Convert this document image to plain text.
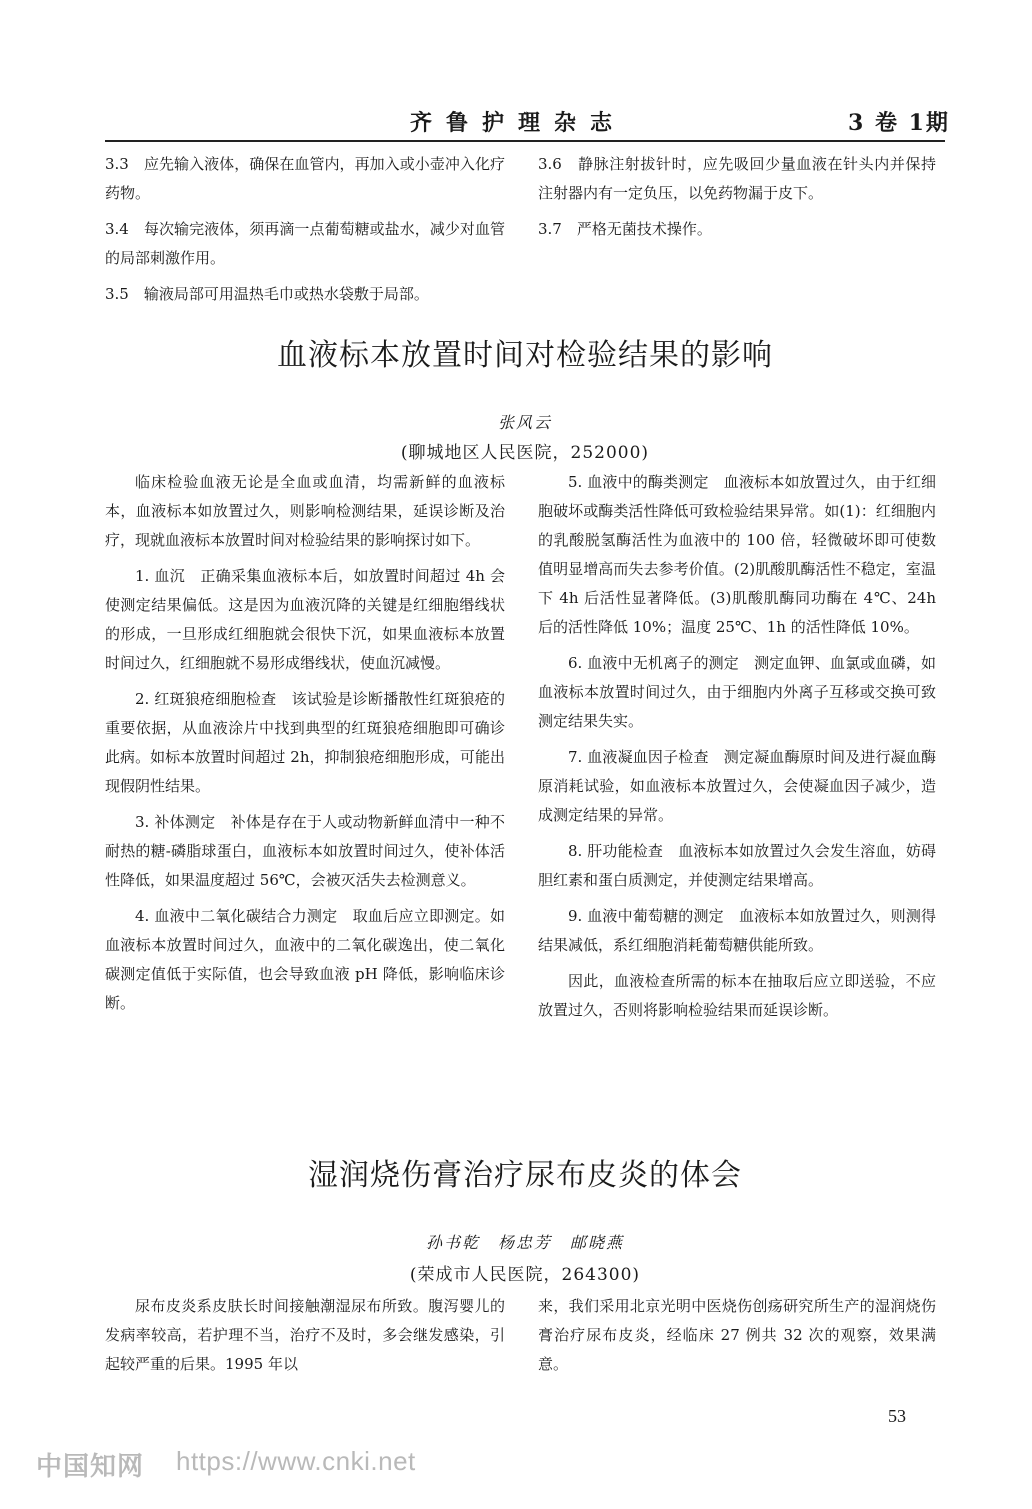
齐鲁护理杂志	3 卷 1期

3.3　应先输入液体，确保在血管内，再加入或小壶冲入化疗药物。

3.4　每次输完液体，须再滴一点葡萄糖或盐水，减少对血管的局部刺激作用。

3.5　输液局部可用温热毛巾或热水袋敷于局部。

3.6　静脉注射拔针时，应先吸回少量血液在针头内并保持注射器内有一定负压，以免药物漏于皮下。

3.7　严格无菌技术操作。

血液标本放置时间对检验结果的影响
张风云
(聊城地区人民医院，252000)

临床检验血液无论是全血或血清，均需新鲜的血液标本，血液标本如放置过久，则影响检测结果，延误诊断及治疗，现就血液标本放置时间对检验结果的影响探讨如下。

1. 血沉　正确采集血液标本后，如放置时间超过 4h 会使测定结果偏低。这是因为血液沉降的关键是红细胞缗线状的形成，一旦形成红细胞就会很快下沉，如果血液标本放置时间过久，红细胞就不易形成缗线状，使血沉减慢。

2. 红斑狼疮细胞检查　该试验是诊断播散性红斑狼疮的重要依据，从血液涂片中找到典型的红斑狼疮细胞即可确诊此病。如标本放置时间超过 2h，抑制狼疮细胞形成，可能出现假阴性结果。

3. 补体测定　补体是存在于人或动物新鲜血清中一种不耐热的糖-磷脂球蛋白，血液标本如放置时间过久，使补体活性降低，如果温度超过 56℃，会被灭活失去检测意义。

4. 血液中二氧化碳结合力测定　取血后应立即测定。如血液标本放置时间过久，血液中的二氧化碳逸出，使二氧化碳测定值低于实际值，也会导致血液 pH 降低，影响临床诊断。

5. 血液中的酶类测定　血液标本如放置过久，由于红细胞破坏或酶类活性降低可致检验结果异常。如(1)：红细胞内的乳酸脱氢酶活性为血液中的 100 倍，轻微破坏即可使数值明显增高而失去参考价值。(2)肌酸肌酶活性不稳定，室温下 4h 后活性显著降低。(3)肌酸肌酶同功酶在 4℃、24h 后的活性降低 10%；温度 25℃、1h 的活性降低 10%。

6. 血液中无机离子的测定　测定血钾、血氯或血磷，如血液标本放置时间过久，由于细胞内外离子互移或交换可致测定结果失实。

7. 血液凝血因子检查　测定凝血酶原时间及进行凝血酶原消耗试验，如血液标本放置过久，会使凝血因子减少，造成测定结果的异常。

8. 肝功能检查　血液标本如放置过久会发生溶血，妨碍胆红素和蛋白质测定，并使测定结果增高。

9. 血液中葡萄糖的测定　血液标本如放置过久，则测得结果减低，系红细胞消耗葡萄糖供能所致。

因此，血液检查所需的标本在抽取后应立即送验，不应放置过久，否则将影响检验结果而延误诊断。

湿润烧伤膏治疗尿布皮炎的体会
孙书乾　杨忠芳　邮晓燕
(荣成市人民医院，264300)

尿布皮炎系皮肤长时间接触潮湿尿布所致。腹泻婴儿的发病率较高，若护理不当，治疗不及时，多会继发感染，引起较严重的后果。1995 年以

来，我们采用北京光明中医烧伤创疡研究所生产的湿润烧伤膏治疗尿布皮炎，经临床 27 例共 32 次的观察，效果满意。

53
中国知网 https://www.cnki.net
